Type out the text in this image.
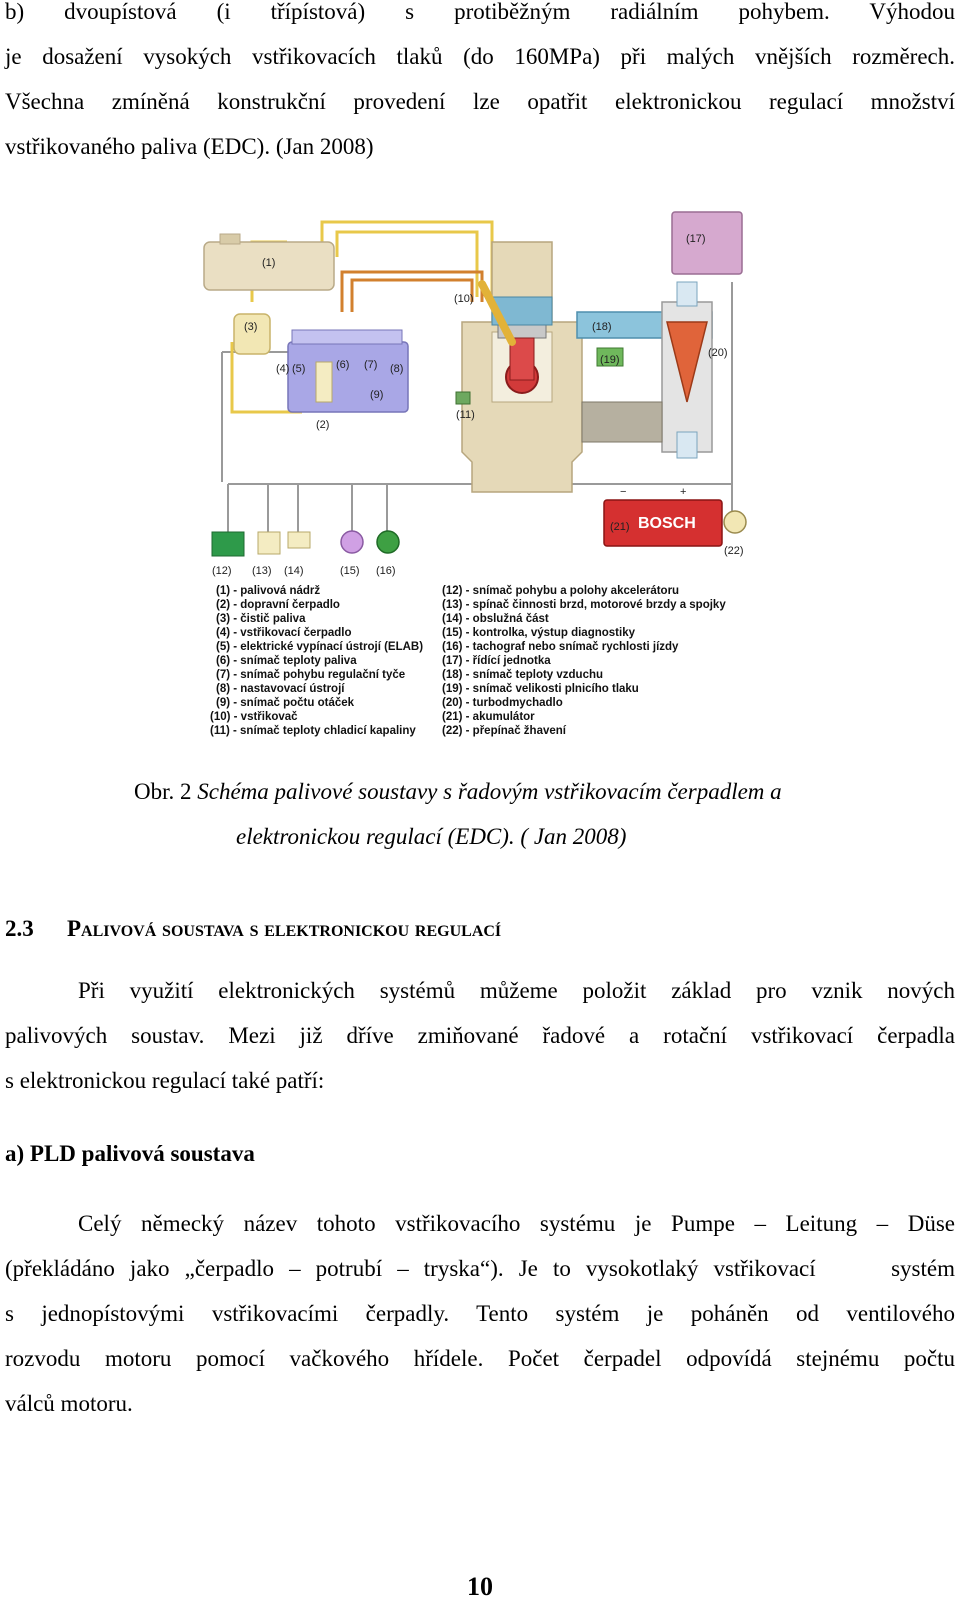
b) dvoupístová (i třípístová) s protiběžným radiálním pohybem. Výhodou

je dosažení vysokých vstřikovacích tlaků (do 160MPa) při malých vnějších rozměrech.

Všechna zmíněná konstrukční provedení lze opatřit elektronickou regulací množství

vstřikovaného paliva (EDC). (Jan 2008)

(1)
(3)
(4) (5)	(6) (7) (8)
(9)
(2)
(10)
(11)
(18)
(19)
(20)
(17)
BOSCH
(21)
−	+
(22)
(12) (13) (14)	(15) (16)
(1) - palivová nádrž
(2) - dopravní čerpadlo
(3) - čistič paliva
(4) - vstřikovací čerpadlo
(5) - elektrické vypínací ústrojí (ELAB)
(6) - snímač teploty paliva
(7) - snímač pohybu regulační tyče
(8) - nastavovací ústrojí
(9) - snímač počtu otáček
(10) - vstřikovač
(11) - snímač teploty chladicí kapaliny
(12) - snímač pohybu a polohy akcelerátoru
(13) - spínač činnosti brzd, motorové brzdy a spojky
(14) - obslužná část
(15) - kontrolka, výstup diagnostiky
(16) - tachograf nebo snímač rychlosti jízdy
(17) - řídící jednotka
(18) - snímač teploty vzduchu
(19) - snímač velikosti plnicího tlaku
(20) - turbodmychadlo
(21) - akumulátor
(22) - přepínač žhavení

Obr. 2 Schéma palivové soustavy s řadovým vstřikovacím čerpadlem a

elektronickou regulací (EDC). ( Jan 2008)

2.3 Palivová soustava s elektronickou regulací

Při využití elektronických systémů můžeme položit základ pro vznik nových

palivových soustav. Mezi již dříve zmiňované řadové a rotační vstřikovací čerpadla

s elektronickou regulací také patří:

a) PLD palivová soustava

Celý německý název tohoto vstřikovacího systému je Pumpe – Leitung – Düse

(překládáno jako „čerpadlo – potrubí – tryska“). Je to vysokotlaký vstřikovací     systém

s jednopístovými vstřikovacími čerpadly. Tento systém je poháněn od ventilového

rozvodu motoru pomocí vačkového hřídele. Počet čerpadel odpovídá stejnému počtu

válců motoru.

10
